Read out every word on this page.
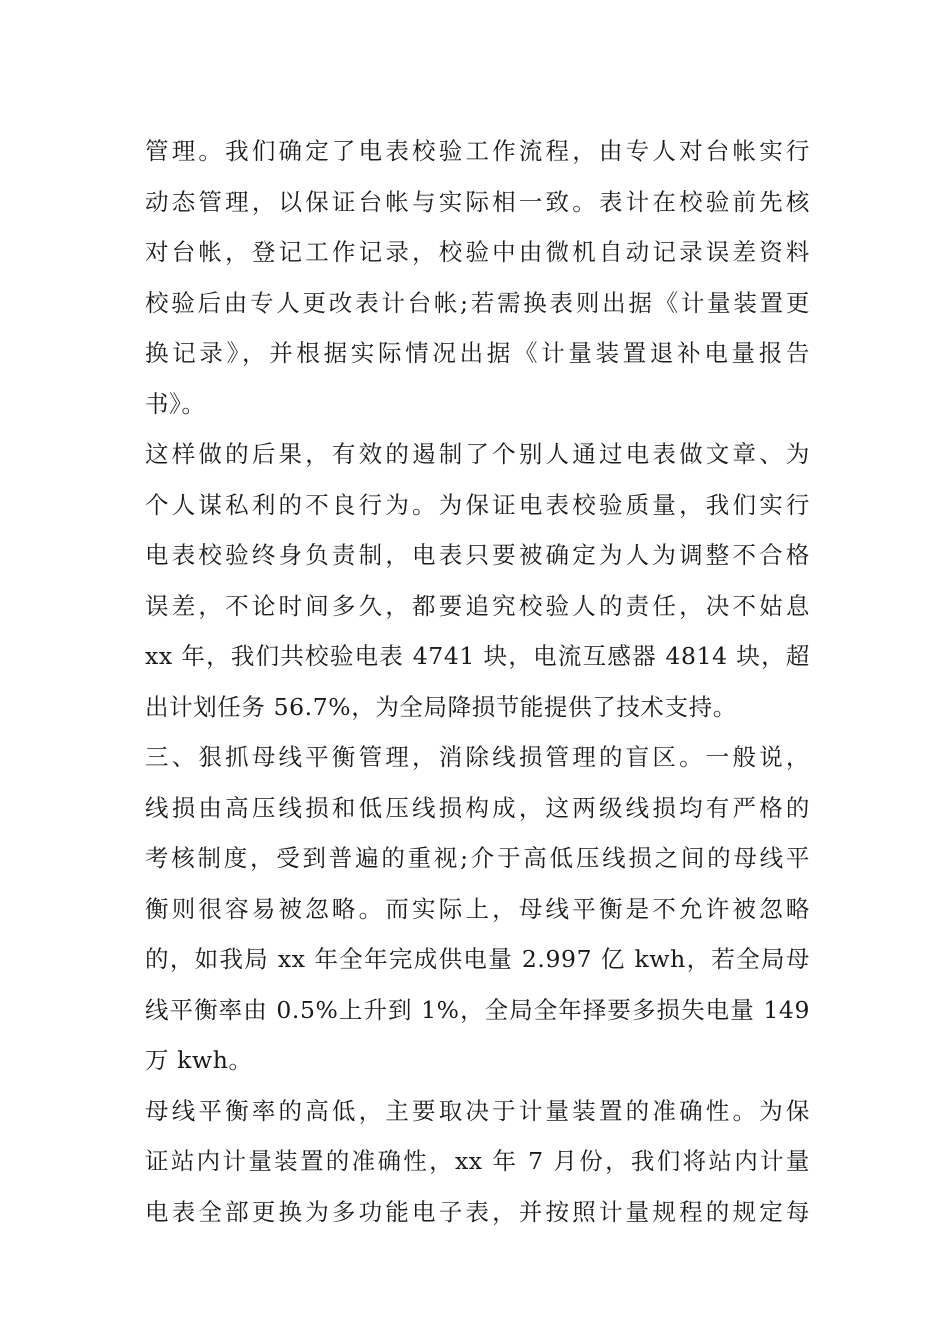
管理。我们确定了电表校验工作流程，由专人对台帐实行
动态管理，以保证台帐与实际相一致。表计在校验前先核
对台帐，登记工作记录，校验中由微机自动记录误差资料
校验后由专人更改表计台帐;若需换表则出据《计量装置更
换记录》，并根据实际情况出据《计量装置退补电量报告
书》。
这样做的后果，有效的遏制了个别人通过电表做文章、为
个人谋私利的不良行为。为保证电表校验质量，我们实行
电表校验终身负责制，电表只要被确定为人为调整不合格
误差，不论时间多久，都要追究校验人的责任，决不姑息
xx 年，我们共校验电表 4741 块，电流互感器 4814 块，超
出计划任务 56.7%，为全局降损节能提供了技术支持。
三、狠抓母线平衡管理，消除线损管理的盲区。一般说，
线损由高压线损和低压线损构成，这两级线损均有严格的
考核制度，受到普遍的重视;介于高低压线损之间的母线平
衡则很容易被忽略。而实际上，母线平衡是不允许被忽略
的，如我局 xx 年全年完成供电量 2.997 亿 kwh，若全局母
线平衡率由 0.5%上升到 1%，全局全年择要多损失电量 149
万 kwh。
母线平衡率的高低，主要取决于计量装置的准确性。为保
证站内计量装置的准确性，xx 年 7 月份，我们将站内计量
电表全部更换为多功能电子表，并按照计量规程的规定每
